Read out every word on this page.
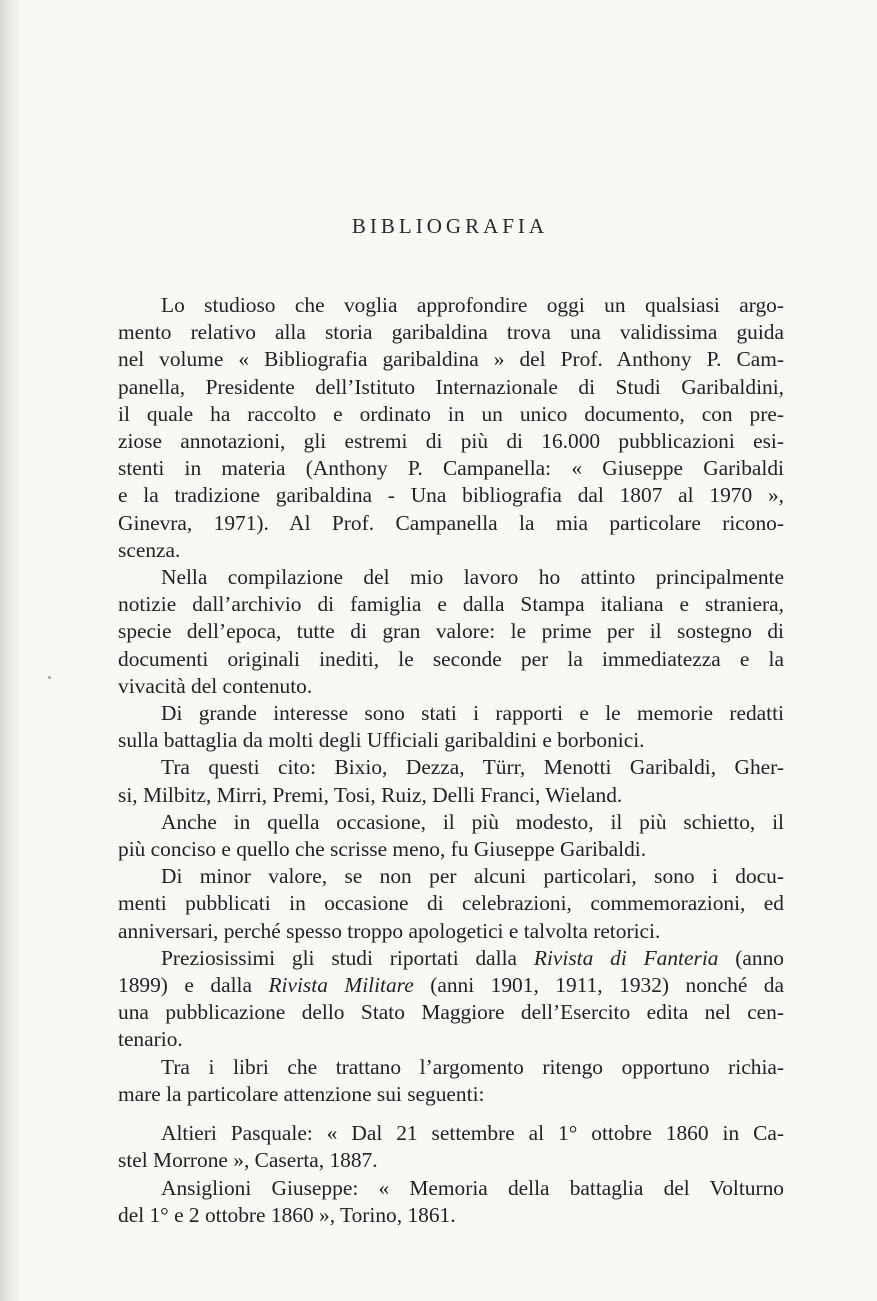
BIBLIOGRAFIA
Lo studioso che voglia approfondire oggi un qualsiasi argo-
mento relativo alla storia garibaldina trova una validissima guida
nel volume « Bibliografia garibaldina » del Prof. Anthony P. Cam-
panella, Presidente dell’Istituto Internazionale di Studi Garibaldini,
il quale ha raccolto e ordinato in un unico documento, con pre-
ziose annotazioni, gli estremi di più di 16.000 pubblicazioni esi-
stenti in materia (Anthony P. Campanella: « Giuseppe Garibaldi
e la tradizione garibaldina - Una bibliografia dal 1807 al 1970 »,
Ginevra, 1971). Al Prof. Campanella la mia particolare ricono-
scenza.
Nella compilazione del mio lavoro ho attinto principalmente
notizie dall’archivio di famiglia e dalla Stampa italiana e straniera,
specie dell’epoca, tutte di gran valore: le prime per il sostegno di
documenti originali inediti, le seconde per la immediatezza e la
vivacità del contenuto.
Di grande interesse sono stati i rapporti e le memorie redatti
sulla battaglia da molti degli Ufficiali garibaldini e borbonici.
Tra questi cito: Bixio, Dezza, Türr, Menotti Garibaldi, Gher-
si, Milbitz, Mirri, Premi, Tosi, Ruiz, Delli Franci, Wieland.
Anche in quella occasione, il più modesto, il più schietto, il
più conciso e quello che scrisse meno, fu Giuseppe Garibaldi.
Di minor valore, se non per alcuni particolari, sono i docu-
menti pubblicati in occasione di celebrazioni, commemorazioni, ed
anniversari, perché spesso troppo apologetici e talvolta retorici.
Preziosissimi gli studi riportati dalla Rivista di Fanteria (anno
1899) e dalla Rivista Militare (anni 1901, 1911, 1932) nonché da
una pubblicazione dello Stato Maggiore dell’Esercito edita nel cen-
tenario.
Tra i libri che trattano l’argomento ritengo opportuno richia-
mare la particolare attenzione sui seguenti:
Altieri Pasquale: « Dal 21 settembre al 1° ottobre 1860 in Ca-
stel Morrone », Caserta, 1887.
Ansiglioni Giuseppe: « Memoria della battaglia del Volturno
del 1° e 2 ottobre 1860 », Torino, 1861.
